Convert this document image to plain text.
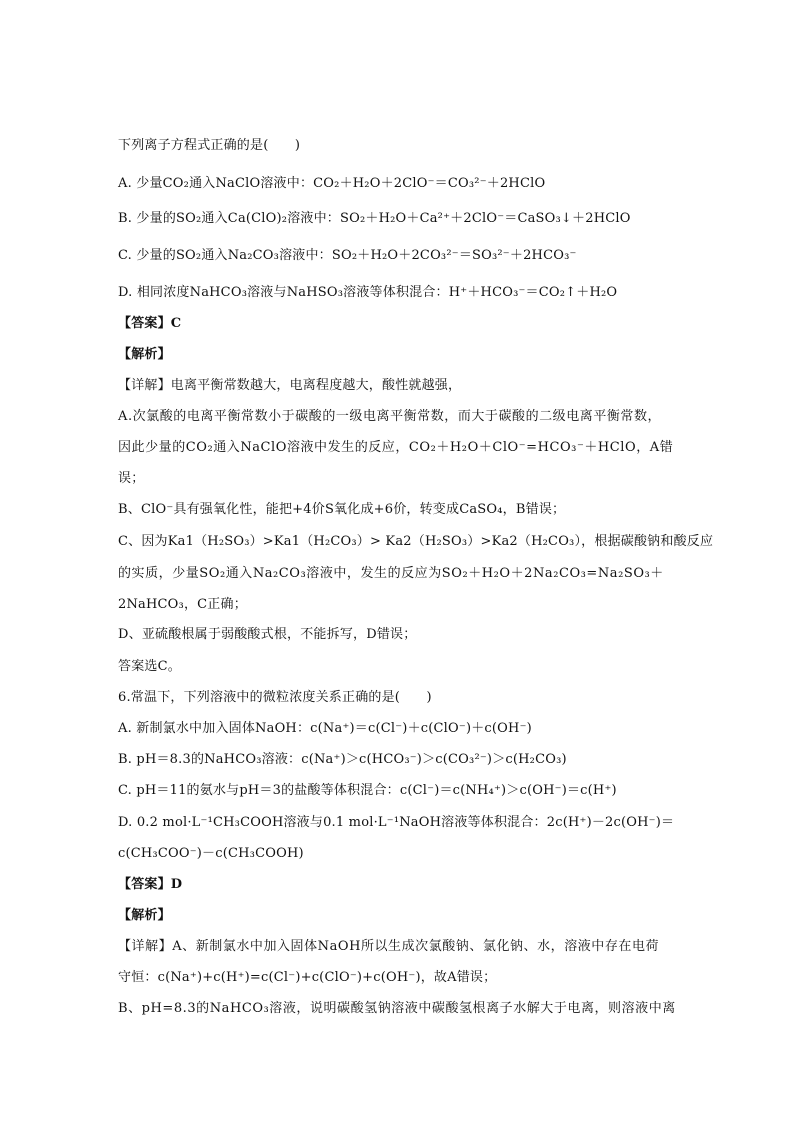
下列离子方程式正确的是(　　)
A. 少量CO₂通入NaClO溶液中：CO₂＋H₂O＋2ClO⁻＝CO₃²⁻＋2HClO
B. 少量的SO₂通入Ca(ClO)₂溶液中：SO₂＋H₂O＋Ca²⁺＋2ClO⁻＝CaSO₃↓＋2HClO
C. 少量的SO₂通入Na₂CO₃溶液中：SO₂＋H₂O＋2CO₃²⁻＝SO₃²⁻＋2HCO₃⁻
D. 相同浓度NaHCO₃溶液与NaHSO₃溶液等体积混合：H⁺＋HCO₃⁻＝CO₂↑＋H₂O
【答案】C
【解析】
【详解】电离平衡常数越大，电离程度越大，酸性就越强，
A.次氯酸的电离平衡常数小于碳酸的一级电离平衡常数，而大于碳酸的二级电离平衡常数，
因此少量的CO₂通入NaClO溶液中发生的反应，CO₂＋H₂O＋ClO⁻=HCO₃⁻＋HClO，A错
误；
B、ClO⁻具有强氧化性，能把+4价S氧化成+6价，转变成CaSO₄，B错误；
C、因为Ka1（H₂SO₃）>Ka1（H₂CO₃）> Ka2（H₂SO₃）>Ka2（H₂CO₃），根据碳酸钠和酸反应
的实质，少量SO₂通入Na₂CO₃溶液中，发生的反应为SO₂＋H₂O＋2Na₂CO₃=Na₂SO₃＋
2NaHCO₃，C正确；
D、亚硫酸根属于弱酸酸式根，不能拆写，D错误；
答案选C。
6.常温下，下列溶液中的微粒浓度关系正确的是(　　)
A. 新制氯水中加入固体NaOH：c(Na⁺)＝c(Cl⁻)＋c(ClO⁻)＋c(OH⁻)
B. pH＝8.3的NaHCO₃溶液：c(Na⁺)＞c(HCO₃⁻)＞c(CO₃²⁻)＞c(H₂CO₃)
C. pH＝11的氨水与pH＝3的盐酸等体积混合：c(Cl⁻)＝c(NH₄⁺)＞c(OH⁻)＝c(H⁺)
D. 0.2 mol·L⁻¹CH₃COOH溶液与0.1 mol·L⁻¹NaOH溶液等体积混合：2c(H⁺)－2c(OH⁻)＝
c(CH₃COO⁻)－c(CH₃COOH)
【答案】D
【解析】
【详解】A、新制氯水中加入固体NaOH所以生成次氯酸钠、氯化钠、水，溶液中存在电荷
守恒：c(Na⁺)+c(H⁺)=c(Cl⁻)+c(ClO⁻)+c(OH⁻)，故A错误；
B、pH=8.3的NaHCO₃溶液，说明碳酸氢钠溶液中碳酸氢根离子水解大于电离，则溶液中离
